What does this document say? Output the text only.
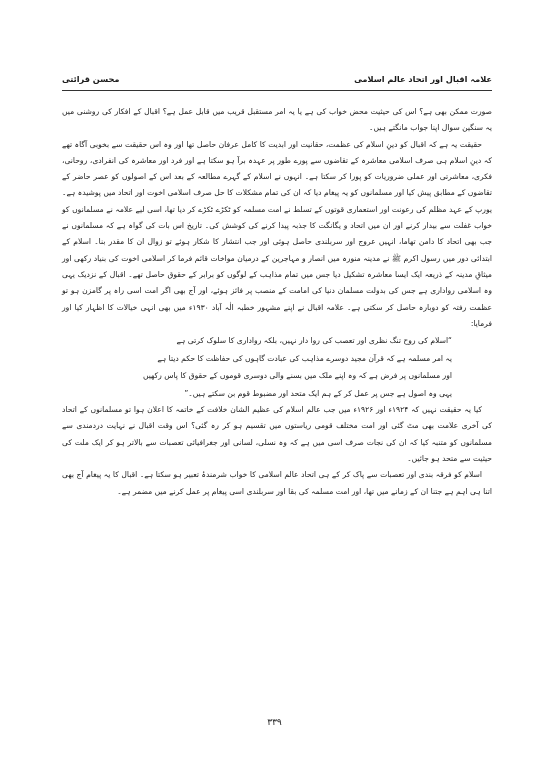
علامہ اقبال اور اتحاد عالم اسلامی
محسن قرائتی

صورت ممکن بھی ہے؟ اس کی حیثیت محض خواب کی ہے یا یہ امر مستقبل قریب میں قابل عمل ہے؟ اقبال کے افکار کی روشنی میں یہ سنگین سوال اپنا جواب مانگتے ہیں۔

حقیقت یہ ہے کہ اقبال کو دینِ اسلام کی عظمت، حقانیت اور ابدیت کا کامل عرفان حاصل تھا اور وہ اس حقیقت سے بخوبی آگاہ تھے کہ دینِ اسلام ہی صرف اسلامی معاشرہ کے تقاضوں سے پورے طور پر عہدہ برآ ہو سکتا ہے اور فرد اور معاشرہ کی انفرادی، روحانی، فکری، معاشرتی اور عملی ضروریات کو پورا کر سکتا ہے۔ انہوں نے اسلام کے گہرے مطالعہ کے بعد اس کے اصولوں کو عصر حاضر کے تقاضوں کے مطابق پیش کیا اور مسلمانوں کو یہ پیغام دیا کہ ان کی تمام مشکلات کا حل صرف اسلامی اخوت اور اتحاد میں پوشیدہ ہے۔ یورپ کے عہد مظلم کی رعونت اور استعماری قوتوں کے تسلط نے امت مسلمہ کو ٹکڑے ٹکڑے کر دیا تھا، اسی لیے علامہ نے مسلمانوں کو خواب غفلت سے بیدار کرنے اور ان میں اتحاد و یگانگت کا جذبہ پیدا کرنے کی کوشش کی۔ تاریخ اس بات کی گواہ ہے کہ مسلمانوں نے جب بھی اتحاد کا دامن تھاما، انہیں عروج اور سربلندی حاصل ہوئی اور جب انتشار کا شکار ہوئے تو زوال ان کا مقدر بنا۔ اسلام کے ابتدائی دور میں رسول اکرم ﷺ نے مدینہ منورہ میں انصار و مہاجرین کے درمیان مواخات قائم فرما کر اسلامی اخوت کی بنیاد رکھی اور میثاقِ مدینہ کے ذریعہ ایک ایسا معاشرہ تشکیل دیا جس میں تمام مذاہب کے لوگوں کو برابر کے حقوق حاصل تھے۔ اقبال کے نزدیک یہی وہ اسلامی رواداری ہے جس کی بدولت مسلمان دنیا کی امامت کے منصب پر فائز ہوئے، اور آج بھی اگر امت اسی راہ پر گامزن ہو تو عظمت رفتہ کو دوبارہ حاصل کر سکتی ہے۔ علامہ اقبال نے اپنے مشہور خطبہ الٰہ آباد ۱۹۳۰ء میں بھی انہی خیالات کا اظہار کیا اور فرمایا:

“اسلام کی روح تنگ نظری اور تعصب کی روا دار نہیں، بلکہ رواداری کا سلوک کرتی ہے
یہ امر مسلمہ ہے کہ قرآن مجید دوسرے مذاہب کی عبادت گاہوں کی حفاظت کا حکم دیتا ہے
اور مسلمانوں پر فرض ہے کہ وہ اپنے ملک میں بسنے والی دوسری قوموں کے حقوق کا پاس رکھیں
یہی وہ اصول ہے جس پر عمل کر کے ہم ایک متحد اور مضبوط قوم بن سکتے ہیں۔”

کیا یہ حقیقت نہیں کہ ۱۹۲۴ء اور ۱۹۲۶ء میں جب عالم اسلام کی عظیم الشان خلافت کے خاتمہ کا اعلان ہوا تو مسلمانوں کے اتحاد کی آخری علامت بھی مٹ گئی اور امت مختلف قومی ریاستوں میں تقسیم ہو کر رہ گئی؟ اس وقت اقبال نے نہایت دردمندی سے مسلمانوں کو متنبہ کیا کہ ان کی نجات صرف اسی میں ہے کہ وہ نسلی، لسانی اور جغرافیائی تعصبات سے بالاتر ہو کر ایک ملت کی حیثیت سے متحد ہو جائیں۔

اسلام کو فرقہ بندی اور تعصبات سے پاک کر کے ہی اتحاد عالم اسلامی کا خواب شرمندۂ تعبیر ہو سکتا ہے۔ اقبال کا یہ پیغام آج بھی اتنا ہی اہم ہے جتنا ان کے زمانے میں تھا، اور امت مسلمہ کی بقا اور سربلندی اسی پیغام پر عمل کرنے میں مضمر ہے۔

۳۳۹
